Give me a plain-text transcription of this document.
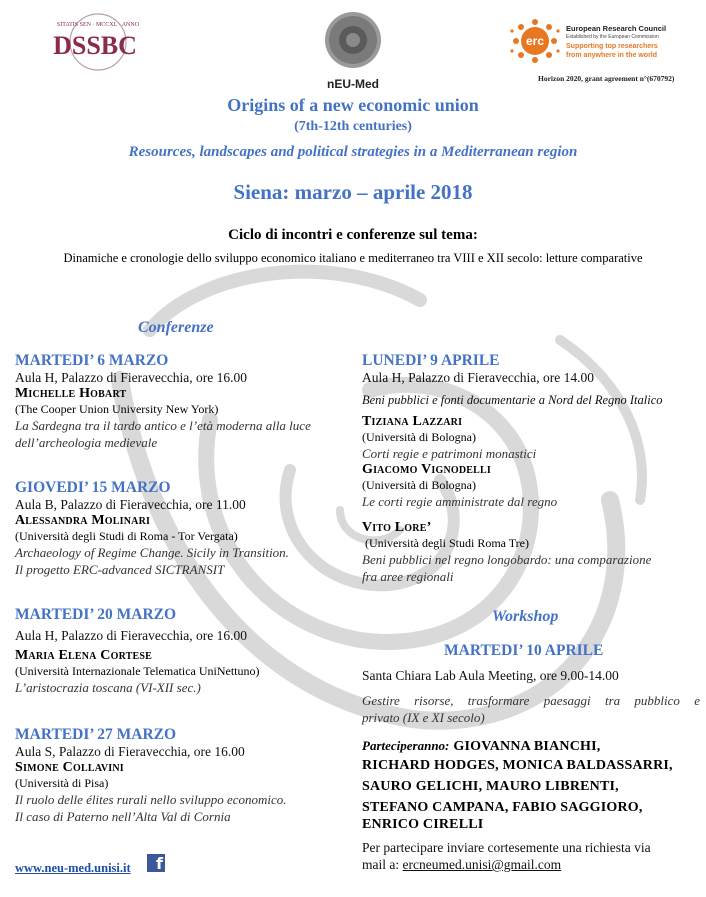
SITATIS SEN · MCCXL · ANNO
DSSBC
nEU-Med
erc
European Research Council
Established by the European Commission
Supporting top researchers
from anywhere in the world
Horizon 2020, grant agreement n°(670792)
Origins of a new economic union
(7th-12th centuries)
Resources, landscapes and political strategies in a Mediterranean region
Siena: marzo – aprile 2018
Ciclo di incontri e conferenze sul tema:
Dinamiche e cronologie dello sviluppo economico italiano e mediterraneo tra VIII e XII secolo: letture comparative
Conferenze
MARTEDI’ 6 MARZO
Aula H, Palazzo di Fieravecchia, ore 16.00
Michelle Hobart
(The Cooper Union University New York)
La Sardegna tra il tardo antico e l’età moderna alla luce
dell’archeologia medievale
GIOVEDI’ 15 MARZO
Aula B, Palazzo di Fieravecchia, ore 11.00
Alessandra Molinari
(Università degli Studi di Roma - Tor Vergata)
Archaeology of Regime Change. Sicily in Transition.
Il progetto ERC-advanced SICTRANSIT
MARTEDI’ 20 MARZO
Aula H, Palazzo di Fieravecchia, ore 16.00
Maria Elena Cortese
(Università Internazionale Telematica UniNettuno)
L’aristocrazia toscana (VI-XII sec.)
MARTEDI’ 27 MARZO
Aula S, Palazzo di Fieravecchia, ore 16.00
Simone Collavini
(Università di Pisa)
Il ruolo delle élites rurali nello sviluppo economico.
Il caso di Paterno nell’Alta Val di Cornia
LUNEDI’ 9 APRILE
Aula H, Palazzo di Fieravecchia, ore 14.00
Beni pubblici e fonti documentarie a Nord del Regno Italico
Tiziana Lazzari
(Università di Bologna)
Corti regie e patrimoni monastici
Giacomo Vignodelli
(Università di Bologna)
Le corti regie amministrate dal regno
Vito Lore’
(Università degli Studi Roma Tre)
Beni pubblici nel regno longobardo: una comparazione
fra aree regionali
Workshop
MARTEDI’ 10 APRILE
Santa Chiara Lab Aula Meeting, ore 9.00-14.00
Gestire risorse, trasformare paesaggi tra pubblico e
privato (IX e XI secolo)
Parteciperanno: GIOVANNA BIANCHI,
RICHARD HODGES, MONICA BALDASSARRI,
SAURO GELICHI, MAURO LIBRENTI,
STEFANO CAMPANA, FABIO SAGGIORO,
ENRICO CIRELLI
Per partecipare inviare cortesemente una richiesta via
mail a: ercneumed.unisi@gmail.com
www.neu-med.unisi.it	f
